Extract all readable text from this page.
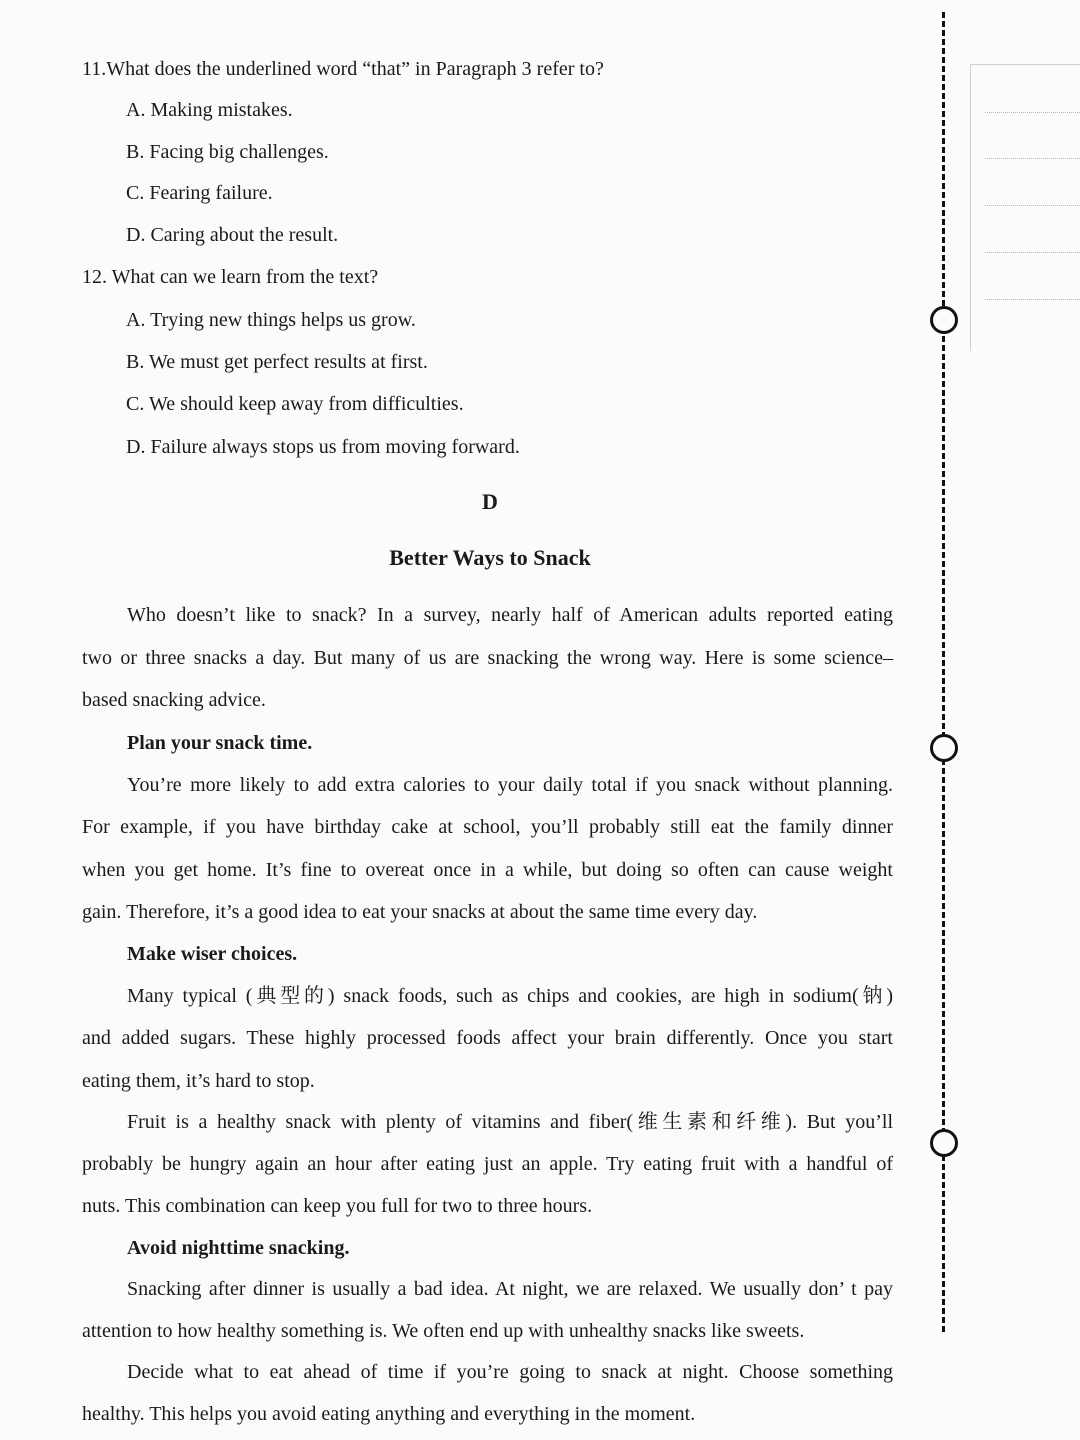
11.What does the underlined word “that” in Paragraph 3 refer to?
A. Making mistakes.
B. Facing big challenges.
C. Fearing failure.
D. Caring about the result.
12. What can we learn from the text?
A. Trying new things helps us grow.
B. We must get perfect results at first.
C. We should keep away from difficulties.
D. Failure always stops us from moving forward.
D
Better Ways to Snack
Who doesn’t like to snack? In a survey, nearly half of American adults reported eating
two or three snacks a day. But many of us are snacking the wrong way. Here is some science–
based snacking advice.
Plan your snack time.
You’re more likely to add extra calories to your daily total if you snack without planning.
For example, if you have birthday cake at school, you’ll probably still eat the family dinner
when you get home. It’s fine to overeat once in a while, but doing so often can cause weight
gain. Therefore, it’s a good idea to eat your snacks at about the same time every day.
Make wiser choices.
Many typical (典型的) snack foods, such as chips and cookies, are high in sodium(钠)
and added sugars. These highly processed foods affect your brain differently. Once you start
eating them, it’s hard to stop.
Fruit is a healthy snack with plenty of vitamins and fiber(维生素和纤维). But you’ll
probably be hungry again an hour after eating just an apple. Try eating fruit with a handful of
nuts. This combination can keep you full for two to three hours.
Avoid nighttime snacking.
Snacking after dinner is usually a bad idea. At night, we are relaxed. We usually don’ t pay
attention to how healthy something is. We often end up with unhealthy snacks like sweets.
Decide what to eat ahead of time if you’re going to snack at night. Choose something
healthy. This helps you avoid eating anything and everything in the moment.
